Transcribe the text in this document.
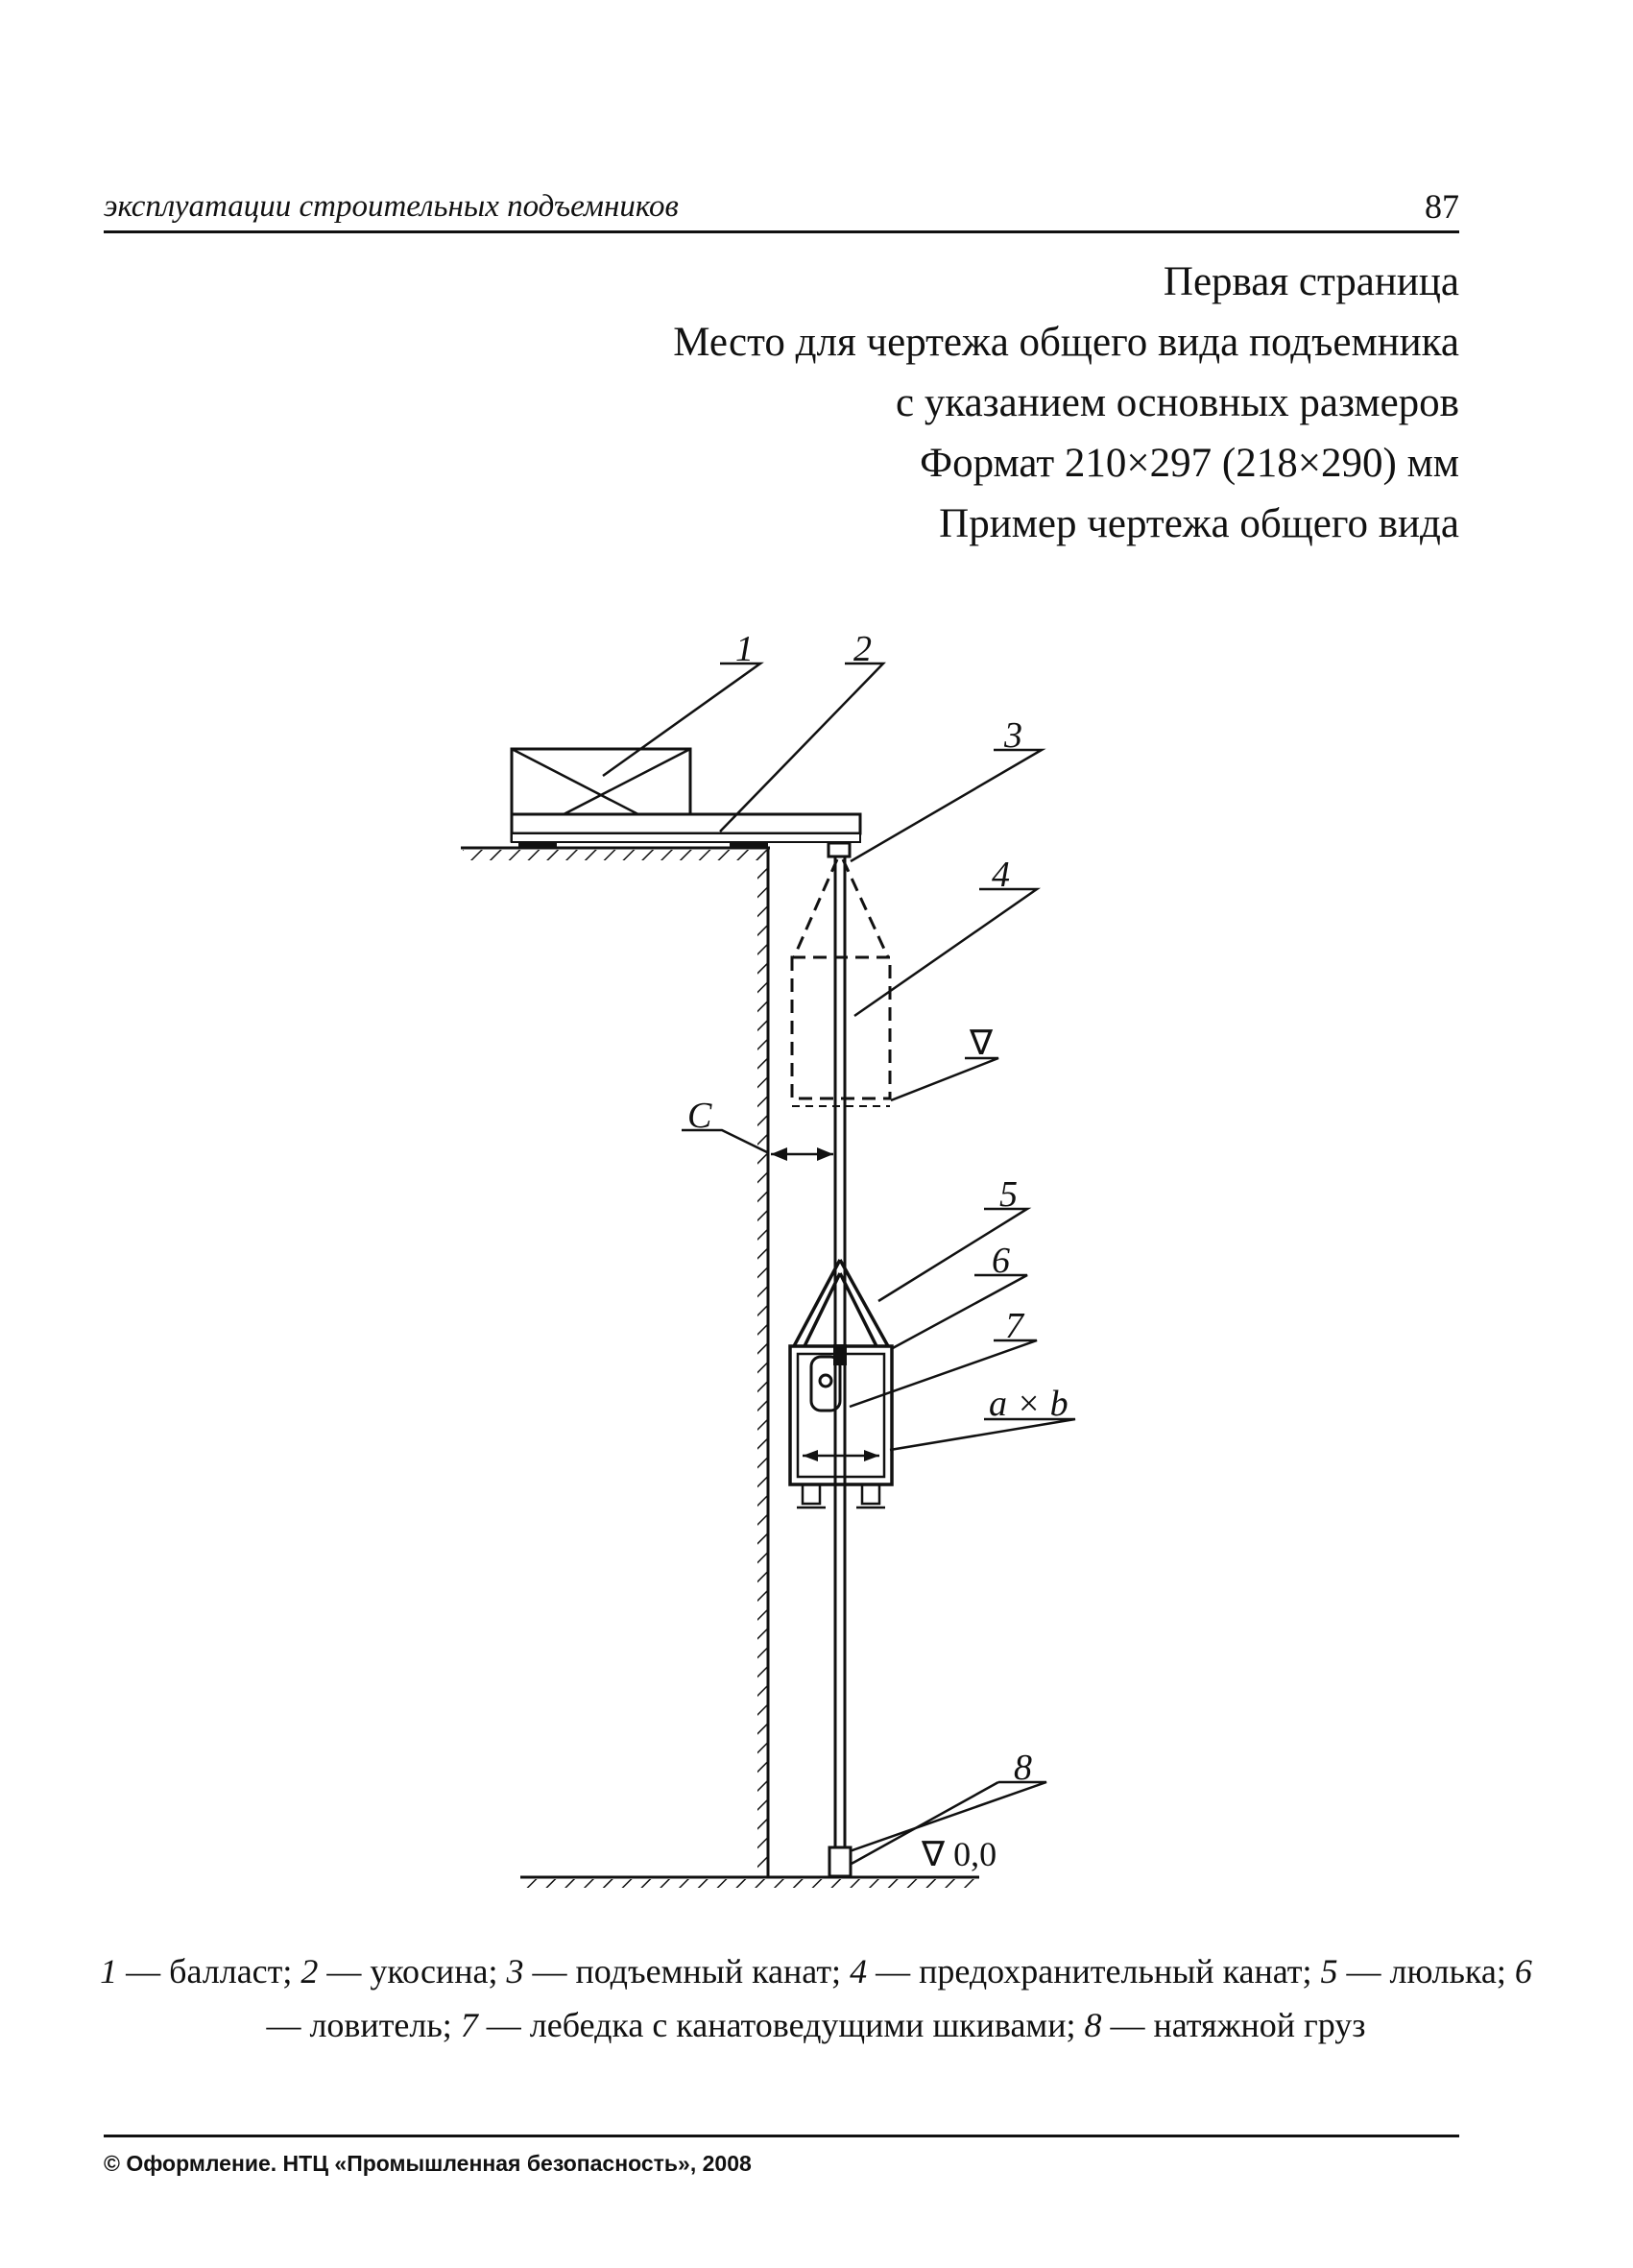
эксплуатации строительных подъемников	87
Первая страница
Место для чертежа общего вида подъемника
с указанием основных размеров
Формат 210×297 (218×290) мм
Пример чертежа общего вида
1	2
3
4
5
6
7
8
C
a × b
∇
∇ 0,0
1 — балласт; 2 — укосина; 3 — подъемный канат; 4 — предохранительный канат; 5 — люлька; 6 — ловитель; 7 — лебедка с канатоведущими шкивами; 8 — натяжной груз
© Оформление. НТЦ «Промышленная безопасность», 2008
